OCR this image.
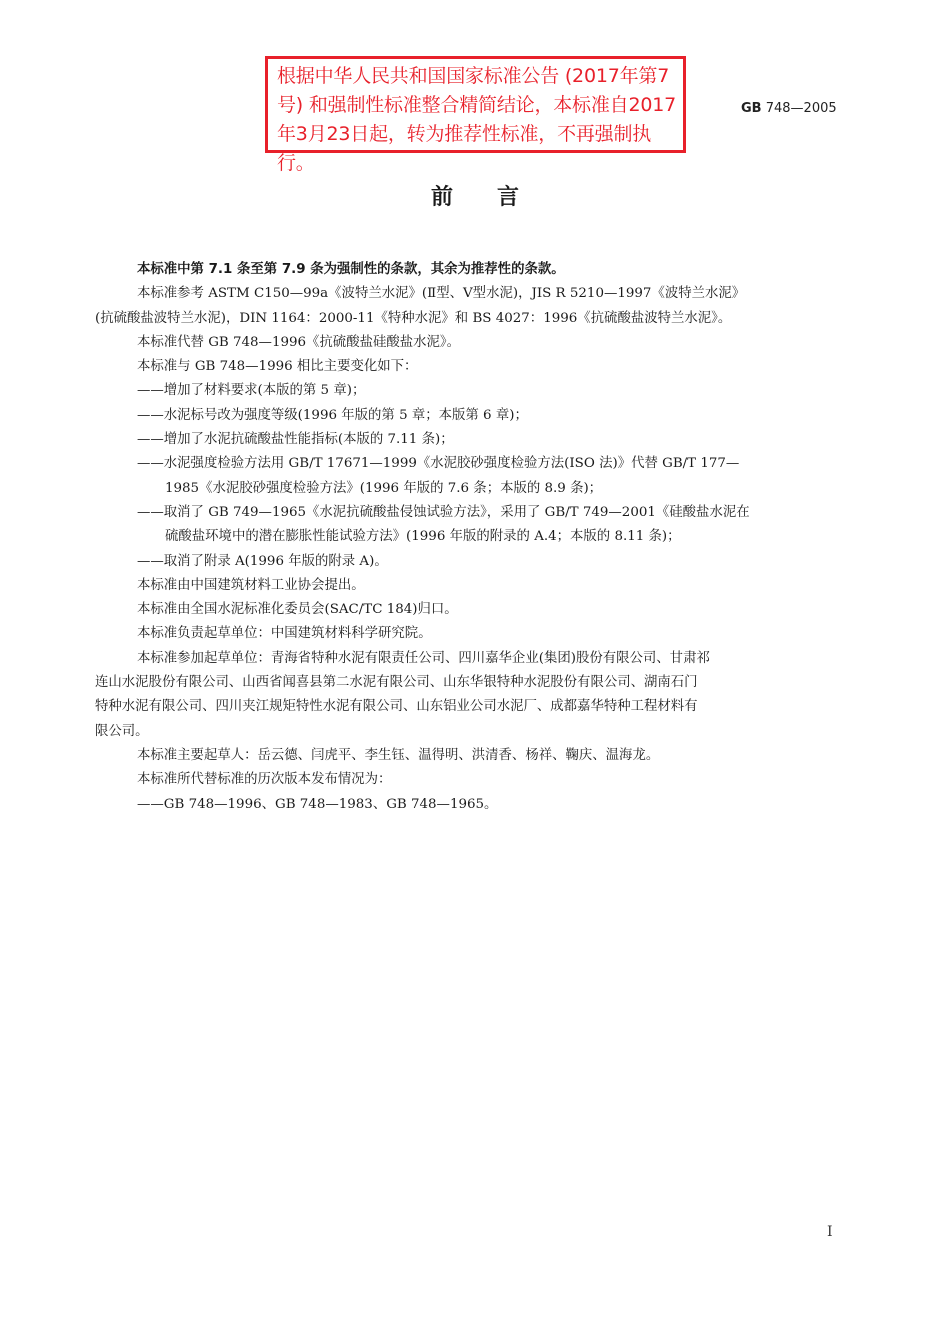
根据中华人民共和国国家标准公告 (2017年第7号) 和强制性标准整合精简结论，本标准自2017年3月23日起，转为推荐性标准，不再强制执行。
GB 748—2005
前 言

本标准中第 7.1 条至第 7.9 条为强制性的条款，其余为推荐性的条款。

本标准参考 ASTM C150—99a《波特兰水泥》(Ⅱ型、Ⅴ型水泥)，JIS R 5210—1997《波特兰水泥》

(抗硫酸盐波特兰水泥)，DIN 1164：2000-11《特种水泥》和 BS 4027：1996《抗硫酸盐波特兰水泥》。

本标准代替 GB 748—1996《抗硫酸盐硅酸盐水泥》。

本标准与 GB 748—1996 相比主要变化如下：

——增加了材料要求(本版的第 5 章)；

——水泥标号改为强度等级(1996 年版的第 5 章；本版第 6 章)；

——增加了水泥抗硫酸盐性能指标(本版的 7.11 条)；

——水泥强度检验方法用 GB/T 17671—1999《水泥胶砂强度检验方法(ISO 法)》代替 GB/T 177—

1985《水泥胶砂强度检验方法》(1996 年版的 7.6 条；本版的 8.9 条)；

——取消了 GB 749—1965《水泥抗硫酸盐侵蚀试验方法》，采用了 GB/T 749—2001《硅酸盐水泥在

硫酸盐环境中的潜在膨胀性能试验方法》(1996 年版的附录的 A.4；本版的 8.11 条)；

——取消了附录 A(1996 年版的附录 A)。

本标准由中国建筑材料工业协会提出。

本标准由全国水泥标准化委员会(SAC/TC 184)归口。

本标准负责起草单位：中国建筑材料科学研究院。

本标准参加起草单位：青海省特种水泥有限责任公司、四川嘉华企业(集团)股份有限公司、甘肃祁

连山水泥股份有限公司、山西省闻喜县第二水泥有限公司、山东华银特种水泥股份有限公司、湖南石门

特种水泥有限公司、四川夹江规矩特性水泥有限公司、山东铝业公司水泥厂、成都嘉华特种工程材料有

限公司。

本标准主要起草人：岳云德、闫虎平、李生钰、温得明、洪清香、杨祥、鞠庆、温海龙。

本标准所代替标准的历次版本发布情况为：

——GB 748—1996、GB 748—1983、GB 748—1965。

I
